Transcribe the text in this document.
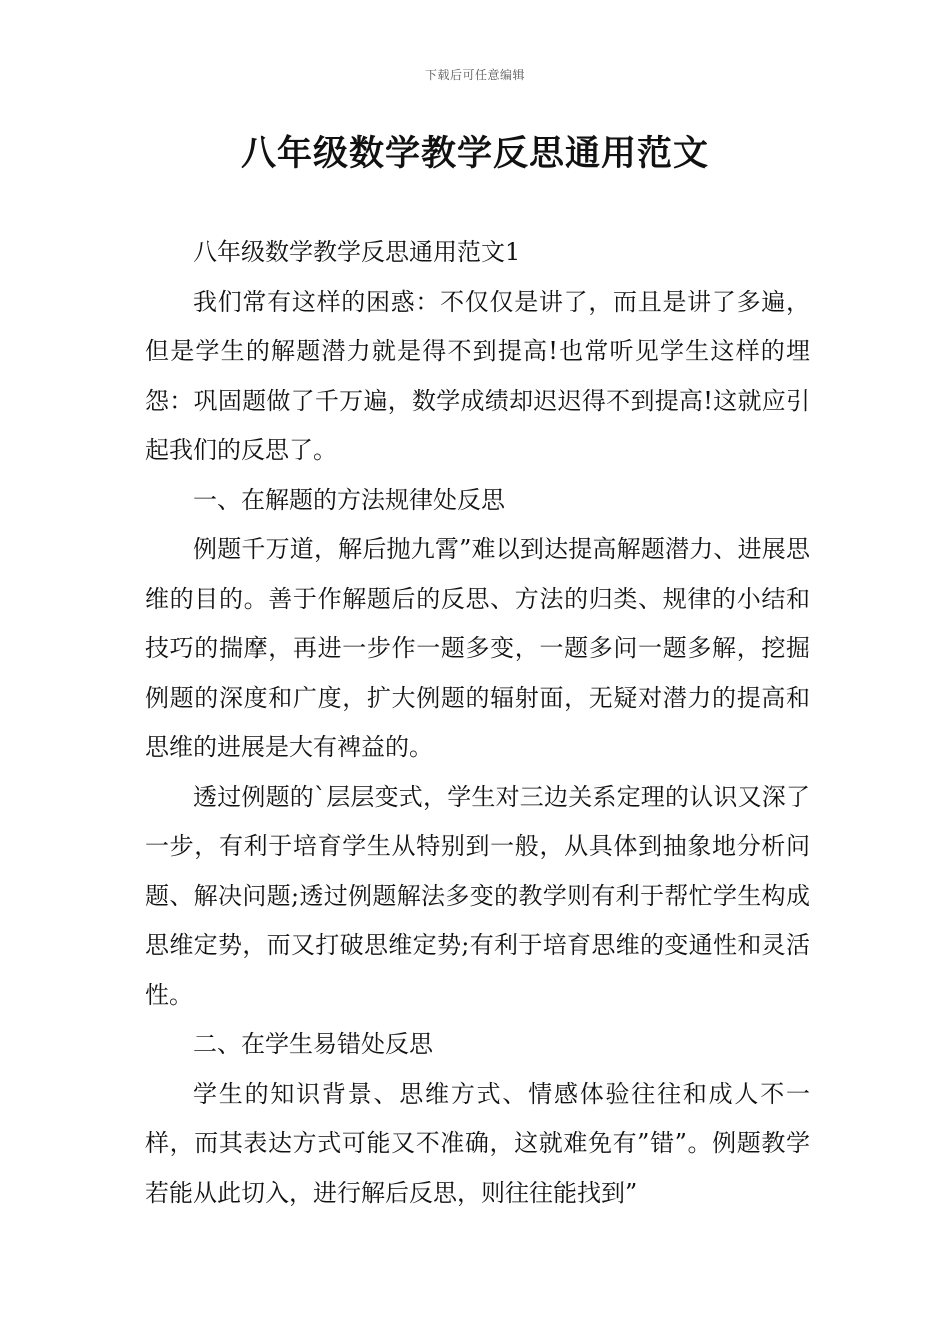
下载后可任意编辑
八年级数学教学反思通用范文

八年级数学教学反思通用范文1

我们常有这样的困惑：不仅仅是讲了，而且是讲了多遍，但是学生的解题潜力就是得不到提高!也常听见学生这样的埋怨：巩固题做了千万遍，数学成绩却迟迟得不到提高!这就应引起我们的反思了。

一、在解题的方法规律处反思

例题千万道，解后抛九霄”难以到达提高解题潜力、进展思维的目的。善于作解题后的反思、方法的归类、规律的小结和技巧的揣摩，再进一步作一题多变，一题多问一题多解，挖掘例题的深度和广度，扩大例题的辐射面，无疑对潜力的提高和思维的进展是大有裨益的。

透过例题的`层层变式，学生对三边关系定理的认识又深了一步，有利于培育学生从特别到一般，从具体到抽象地分析问题、解决问题;透过例题解法多变的教学则有利于帮忙学生构成思维定势，而又打破思维定势;有利于培育思维的变通性和灵活性。

二、在学生易错处反思

学生的知识背景、思维方式、情感体验往往和成人不一样，而其表达方式可能又不准确，这就难免有”错”。例题教学若能从此切入，进行解后反思，则往往能找到”
